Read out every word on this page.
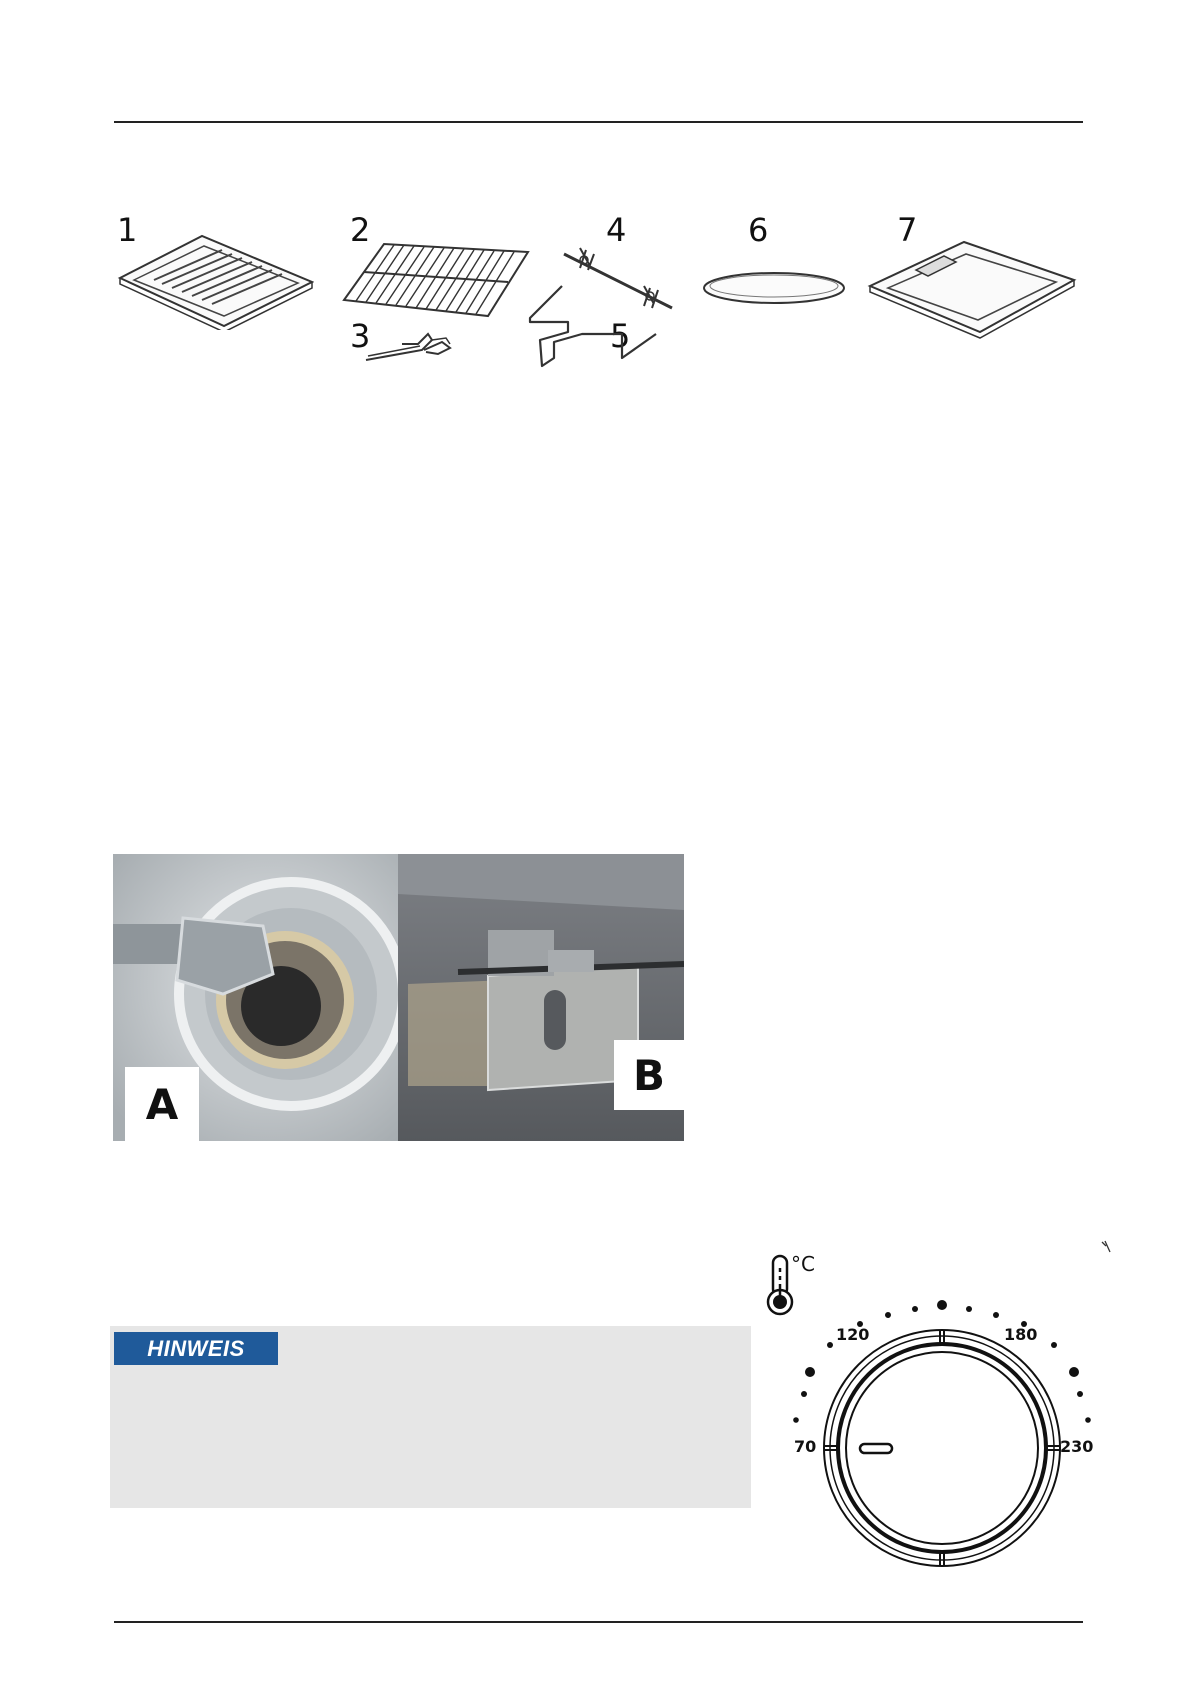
1	2
3
4
5
6	7
A
B
HINWEIS
°C
70
120	180
230
